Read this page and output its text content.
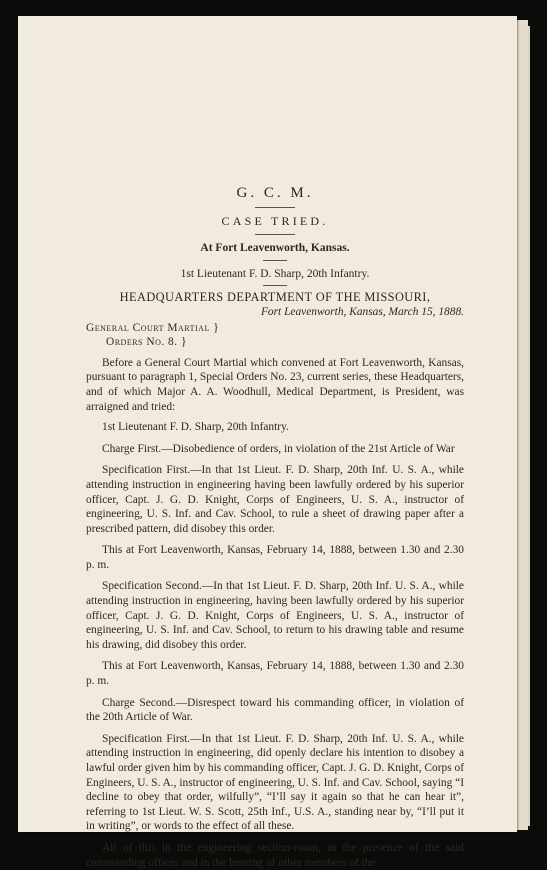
G. C. M.
CASE TRIED.
At Fort Leavenworth, Kansas.
1st Lieutenant F. D. Sharp, 20th Infantry.
HEADQUARTERS DEPARTMENT OF THE MISSOURI,
Fort Leavenworth, Kansas, March 15, 1888.
General Court Martial }
Orders No. 8. }
Before a General Court Martial which convened at Fort Leavenworth, Kansas, pursuant to paragraph 1, Special Orders No. 23, current series, these Headquarters, and of which Major A. A. Woodhull, Medical Department, is President, was arraigned and tried:
1st Lieutenant F. D. Sharp, 20th Infantry.
Charge First.—Disobedience of orders, in violation of the 21st Article of War
Specification First.—In that 1st Lieut. F. D. Sharp, 20th Inf. U. S. A., while attending instruction in engineering having been lawfully ordered by his superior officer, Capt. J. G. D. Knight, Corps of Engineers, U. S. A., instructor of engineering, U. S. Inf. and Cav. School, to rule a sheet of drawing paper after a prescribed pattern, did disobey this order.
This at Fort Leavenworth, Kansas, February 14, 1888, between 1.30 and 2.30 p. m.
Specification Second.—In that 1st Lieut. F. D. Sharp, 20th Inf. U. S. A., while attending instruction in engineering, having been lawfully ordered by his superior officer, Capt. J. G. D. Knight, Corps of Engineers, U. S. A., instructor of engineering, U. S. Inf. and Cav. School, to return to his drawing table and resume his drawing, did disobey this order.
This at Fort Leavenworth, Kansas, February 14, 1888, between 1.30 and 2.30 p. m.
Charge Second.—Disrespect toward his commanding officer, in violation of the 20th Article of War.
Specification First.—In that 1st Lieut. F. D. Sharp, 20th Inf. U. S. A., while attending instruction in engineering, did openly declare his intention to disobey a lawful order given him by his commanding officer, Capt. J. G. D. Knight, Corps of Engineers, U. S. A., instructor of engineering, U. S. Inf. and Cav. School, saying “I decline to obey that order, wilfully”, “I’ll say it again so that he can hear it”, referring to 1st Lieut. W. S. Scott, 25th Inf., U.S. A., standing near by, “I’ll put it in writing”, or words to the effect of all these.
All of this in the engineering section-room, in the presence of the said commanding officer and in the hearing of other members of the
